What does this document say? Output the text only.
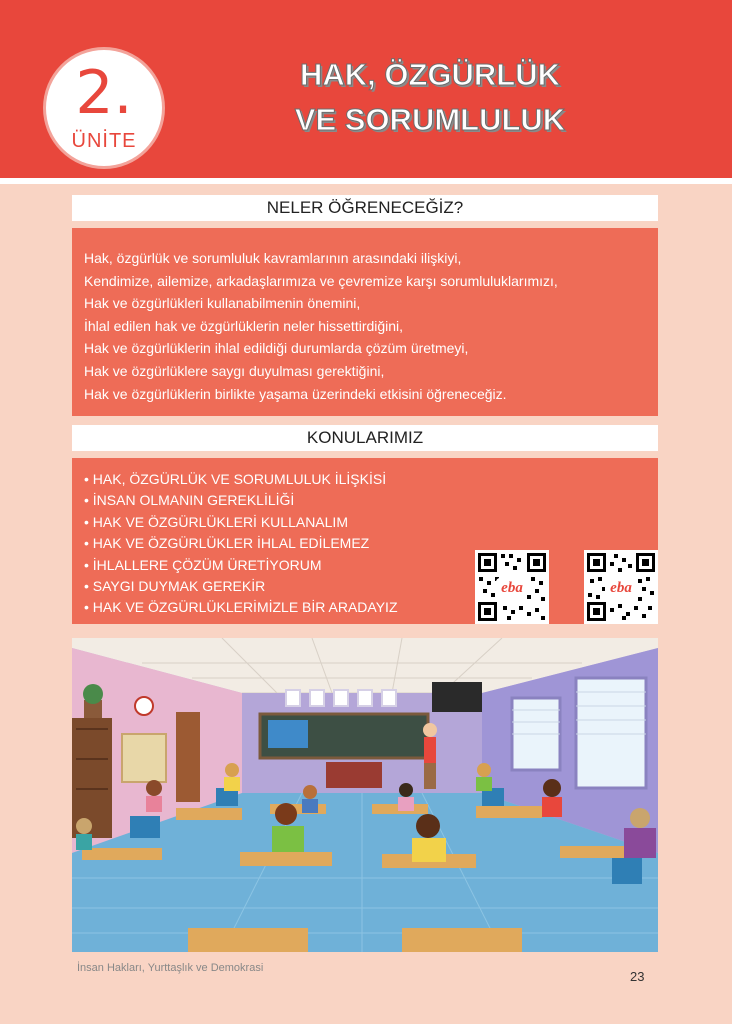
2.
ÜNİTE
HAK, ÖZGÜRLÜK
VE SORUMLULUK
NELER ÖĞRENECEĞİZ?
Hak, özgürlük ve sorumluluk kavramlarının arasındaki ilişkiyi,
Kendimize, ailemize, arkadaşlarımıza ve çevremize karşı sorumluluklarımızı,
Hak ve özgürlükleri kullanabilmenin önemini,
İhlal edilen hak ve özgürlüklerin neler hissettirdiğini,
Hak ve özgürlüklerin ihlal edildiği durumlarda çözüm üretmeyi,
Hak ve özgürlüklere saygı duyulması gerektiğini,
Hak ve özgürlüklerin birlikte yaşama üzerindeki etkisini öğreneceğiz.
KONULARIMIZ
• HAK, ÖZGÜRLÜK VE SORUMLULUK İLİŞKİSİ
• İNSAN OLMANIN GEREKLİLİĞİ
• HAK VE ÖZGÜRLÜKLERİ KULLANALIM
• HAK VE ÖZGÜRLÜKLER İHLAL EDİLEMEZ
• İHLALLERE ÇÖZÜM ÜRETİYORUM
• SAYGI DUYMAK GEREKİR
• HAK VE ÖZGÜRLÜKLERİMİZLE BİR ARADAYIZ
eba	eba
İnsan Hakları, Yurttaşlık ve Demokrasi
23
